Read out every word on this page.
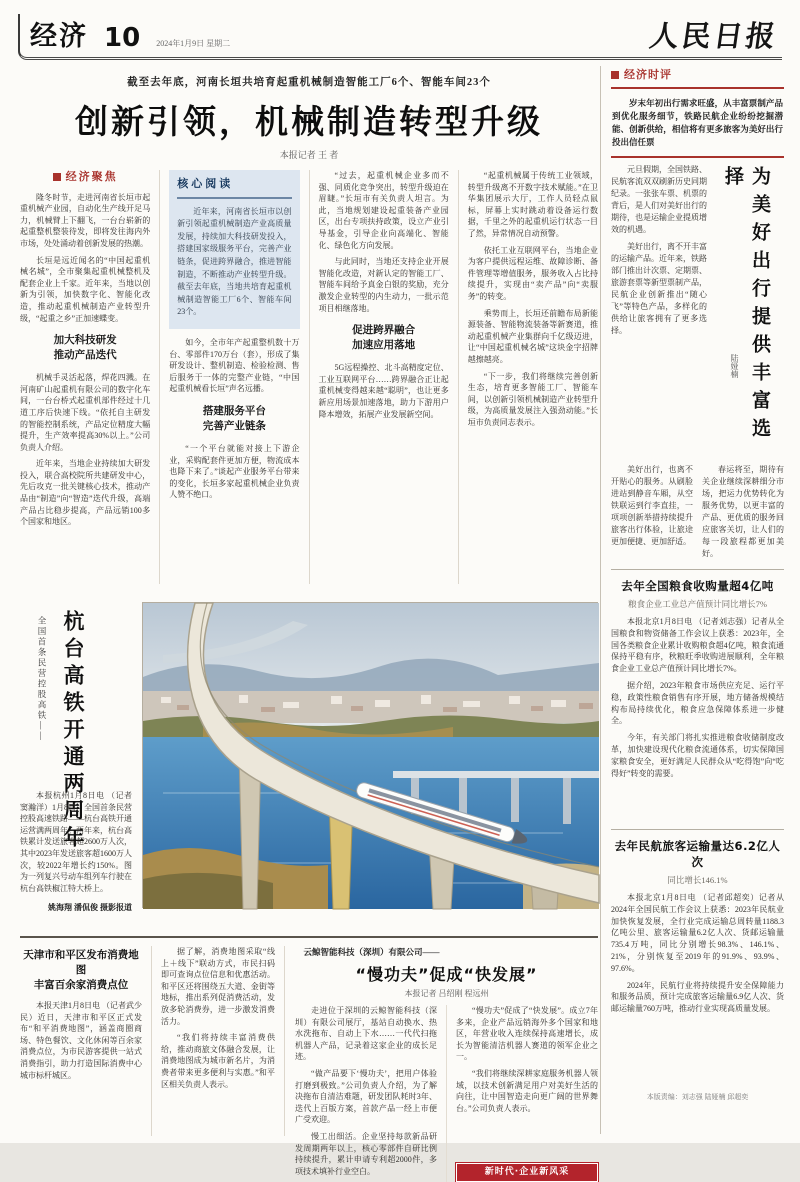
经济 10 2024年1月9日 星期二	人民日报
截至去年底，河南长垣共培育起重机械制造智能工厂6个、智能车间23个
创新引领，机械制造转型升级
本报记者 王 者
经济聚焦

隆冬时节，走进河南省长垣市起重机械产业园，自动化生产线开足马力，机械臂上下翻飞，一台台崭新的起重整机整装待发，即将发往海内外市场，处处涌动着创新发展的热潮。

长垣是远近闻名的“中国起重机械名城”，全市聚集起重机械整机及配套企业上千家。近年来，当地以创新为引领，加快数字化、智能化改造，推动起重机械制造产业转型升级，“起重之乡”正加速蝶变。

加大科技研发
推动产品迭代

机械手灵活起落，焊花四溅。在河南矿山起重机有限公司的数字化车间，一台台桥式起重机部件经过十几道工序后快速下线。“依托自主研发的智能控制系统，产品定位精度大幅提升，生产效率提高30%以上。”公司负责人介绍。

近年来，当地企业持续加大研发投入，联合高校院所共建研发中心，先后攻克一批关键核心技术，推动产品由“制造”向“智造”迭代升级，高端产品占比稳步提高，产品远销100多个国家和地区。

核心阅读
近年来，河南省长垣市以创新引领起重机械制造产业高质量发展，持续加大科技研发投入，搭建国家级服务平台，完善产业链条，促进跨界融合，推进智能制造，不断推动产业转型升级。截至去年底，当地共培育起重机械制造智能工厂6个、智能车间23个。

如今，全市年产起重整机数十万台、零部件170万台（套），形成了集研发设计、整机制造、检验检测、售后服务于一体的完整产业链，“中国起重机械看长垣”声名远播。

搭建服务平台
完善产业链条

“一个平台就能对接上下游企业，采购配套件更加方便，物流成本也降下来了。”谈起产业服务平台带来的变化，长垣多家起重机械企业负责人赞不绝口。

“过去，起重机械企业多而不强、同质化竞争突出，转型升级迫在眉睫。”长垣市有关负责人坦言。为此，当地规划建设起重装备产业园区，出台专项扶持政策，设立产业引导基金，引导企业向高端化、智能化、绿色化方向发展。

与此同时，当地还支持企业开展智能化改造，对新认定的智能工厂、智能车间给予真金白银的奖励，充分激发企业转型的内生动力，一批示范项目相继落地。

促进跨界融合
加速应用落地

5G远程操控、北斗高精度定位、工业互联网平台……跨界融合正让起重机械变得越来越“聪明”，也让更多新应用场景加速落地，助力下游用户降本增效，拓展产业发展新空间。

“起重机械属于传统工业领域，转型升级离不开数字技术赋能。”在卫华集团展示大厅，工作人员轻点鼠标，屏幕上实时跳动着设备运行数据，千里之外的起重机运行状态一目了然，异常情况自动预警。

依托工业互联网平台，当地企业为客户提供远程运维、故障诊断、备件管理等增值服务，服务收入占比持续提升，实现由“卖产品”向“卖服务”的转变。

乘势而上，长垣还前瞻布局新能源装备、智能物流装备等新赛道，推动起重机械产业集群向千亿级迈进，让“中国起重机械名城”这块金字招牌越擦越亮。

“下一步，我们将继续完善创新生态，培育更多智能工厂、智能车间，以创新引领机械制造产业转型升级，为高质量发展注入强劲动能。”长垣市负责同志表示。

全国首条民营控股高铁—— 杭台高铁开通两周年
本报杭州1月8日电 （记者窦瀚洋）1月8日，全国首条民营控股高速铁路——杭台高铁开通运营满两周年。两年来，杭台高铁累计发送旅客超2600万人次，其中2023年发送旅客超1600万人次，较2022年增长约150%。图为一列复兴号动车组列车行驶在杭台高铁椒江特大桥上。
姚海翔 潘侃俊 摄影报道
天津市和平区发布消费地图
丰富百余家消费点位

本报天津1月8日电 （记者武少民）近日，天津市和平区正式发布“和平消费地图”，涵盖商圈商场、特色餐饮、文化休闲等百余家消费点位，为市民游客提供一站式消费指引，助力打造国际消费中心城市标杆城区。

据了解，消费地图采取“线上＋线下”联动方式，市民扫码即可查询点位信息和优惠活动。和平区还将围绕五大道、金街等地标，推出系列促消费活动，发放多轮消费券，进一步激发消费活力。

“我们将持续丰富消费供给，推动商旅文体融合发展，让消费地图成为城市新名片，为消费者带来更多便利与实惠。”和平区相关负责人表示。

云鲸智能科技（深圳）有限公司——
“慢功夫”促成“快发展”
本报记者 吕绍刚 程远州

走进位于深圳的云鲸智能科技（深圳）有限公司展厅，基站自动换水、热水洗拖布、自动上下水……一代代扫拖机器人产品，记录着这家企业的成长足迹。

“做产品要下‘慢功夫’，把用户体验打磨到极致。”公司负责人介绍，为了解决拖布自清洁难题，研发团队耗时3年、迭代上百版方案，首款产品一经上市便广受欢迎。

慢工出细活。企业坚持每款新品研发周期两年以上，核心零部件自研比例持续提升，累计申请专利超2000件，多项技术填补行业空白。

“慢功夫”促成了“快发展”。成立7年多来，企业产品远销海外多个国家和地区，年营业收入连续保持高速增长，成长为智能清洁机器人赛道的领军企业之一。

“我们将继续深耕家庭服务机器人领域，以技术创新满足用户对美好生活的向往，让中国智造走向更广阔的世界舞台。”公司负责人表示。

新时代·企业新风采
经济时评
岁末年初出行需求旺盛，从丰富票制产品到优化服务细节，铁路民航企业纷纷挖掘潜能、创新供给，相信将有更多旅客为美好出行投出信任票

元旦假期，全国铁路、民航客流双双刷新历史同期纪录。一张张车票、机票的背后，是人们对美好出行的期待，也是运输企业提质增效的机遇。

美好出行，离不开丰富的运输产品。近年来，铁路部门推出计次票、定期票、旅游套票等新型票制产品，民航企业创新推出“随心飞”等特色产品，多样化的供给让旅客拥有了更多选择。	为美好出行提供丰富选择
陆娅楠

美好出行，也离不开贴心的服务。从刷脸进站到静音车厢，从空铁联运到行李直挂，一项项创新举措持续提升旅客出行体验，让旅途更加便捷、更加舒适。

春运将至，期待有关企业继续深耕细分市场，把运力优势转化为服务优势，以更丰富的产品、更优质的服务回应旅客关切，让人们的每一段旅程都更加美好。

去年全国粮食收购量超4亿吨
粮食企业工业总产值预计同比增长7%

本报北京1月8日电 （记者刘志强）记者从全国粮食和物资储备工作会议上获悉：2023年，全国各类粮食企业累计收购粮食超4亿吨，粮食流通保持平稳有序，秋粮旺季收购进展顺利，全年粮食企业工业总产值预计同比增长7%。

据介绍，2023年粮食市场供应充足、运行平稳，政策性粮食销售有序开展，地方储备规模结构布局持续优化，粮食应急保障体系进一步健全。

今年，有关部门将扎实推进粮食收储制度改革，加快建设现代化粮食流通体系，切实保障国家粮食安全，更好满足人民群众从“吃得饱”向“吃得好”转变的需要。

去年民航旅客运输量达6.2亿人次
同比增长146.1%

本报北京1月8日电 （记者邱超奕）记者从2024年全国民航工作会议上获悉：2023年民航业加快恢复发展，全行业完成运输总周转量1188.3亿吨公里、旅客运输量6.2亿人次、货邮运输量735.4万吨，同比分别增长98.3%、146.1%、21%，分别恢复至2019年的91.9%、93.9%、97.6%。

2024年，民航行业将持续提升安全保障能力和服务品质，预计完成旅客运输量6.9亿人次、货邮运输量760万吨，推动行业实现高质量发展。

本版责编：刘志强 陆娅楠 邱超奕
